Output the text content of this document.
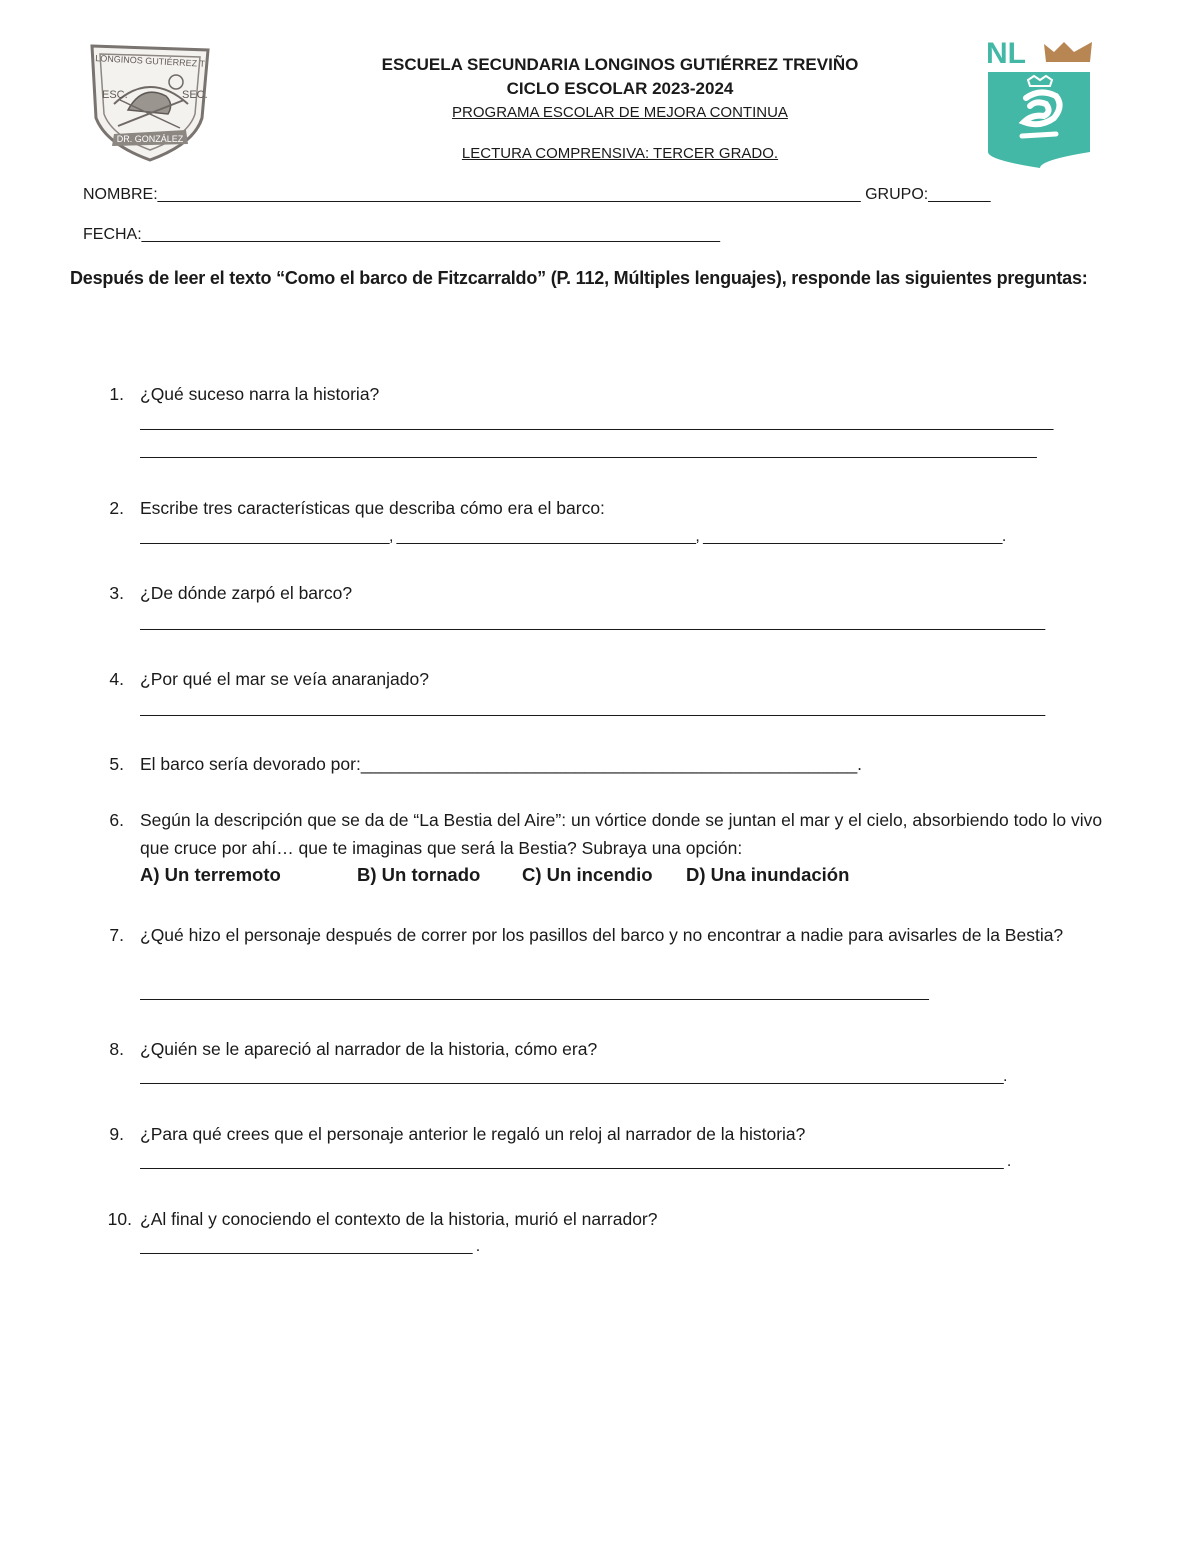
LONGINOS GUTIÉRREZ T
ESC.	SEC.
DR. GONZÁLEZ
NL
ESCUELA SECUNDARIA LONGINOS GUTIÉRREZ TREVIÑO
CICLO ESCOLAR 2023-2024
PROGRAMA ESCOLAR DE MEJORA CONTINUA
LECTURA COMPRENSIVA: TERCER GRADO.
NOMBRE:_______________________________________________________________________________ GRUPO:_______
FECHA:_________________________________________________________________
Después de leer el texto “Como el barco de Fitzcarraldo” (P. 112, Múltiples lenguajes), responde las siguientes preguntas:
1. ¿Qué suceso narra la historia?
______________________________________________________________________________________________________________
____________________________________________________________________________________________________________
2. Escribe tres características que describa cómo era el barco:
______________________________, ____________________________________, ____________________________________.
3. ¿De dónde zarpó el barco?
_____________________________________________________________________________________________________________
4. ¿Por qué el mar se veía anaranjado?
_____________________________________________________________________________________________________________
5. El barco sería devorado por:___________________________________________________.
6. Según la descripción que se da de “La Bestia del Aire”: un vórtice donde se juntan el mar y el cielo, absorbiendo todo lo vivo que cruce por ahí… que te imaginas que será la Bestia? Subraya una opción:
A) Un terremoto	B) Un tornado C) Un incendio D) Una inundación
7. ¿Qué hizo el personaje después de correr por los pasillos del barco y no encontrar a nadie para avisarles de la Bestia?
_______________________________________________________________________________________________
8. ¿Quién se le apareció al narrador de la historia, cómo era?
________________________________________________________________________________________________________.
9. ¿Para qué crees que el personaje anterior le regaló un reloj al narrador de la historia?
________________________________________________________________________________________________________ .
10. ¿Al final y conociendo el contexto de la historia, murió el narrador?
________________________________________ .
